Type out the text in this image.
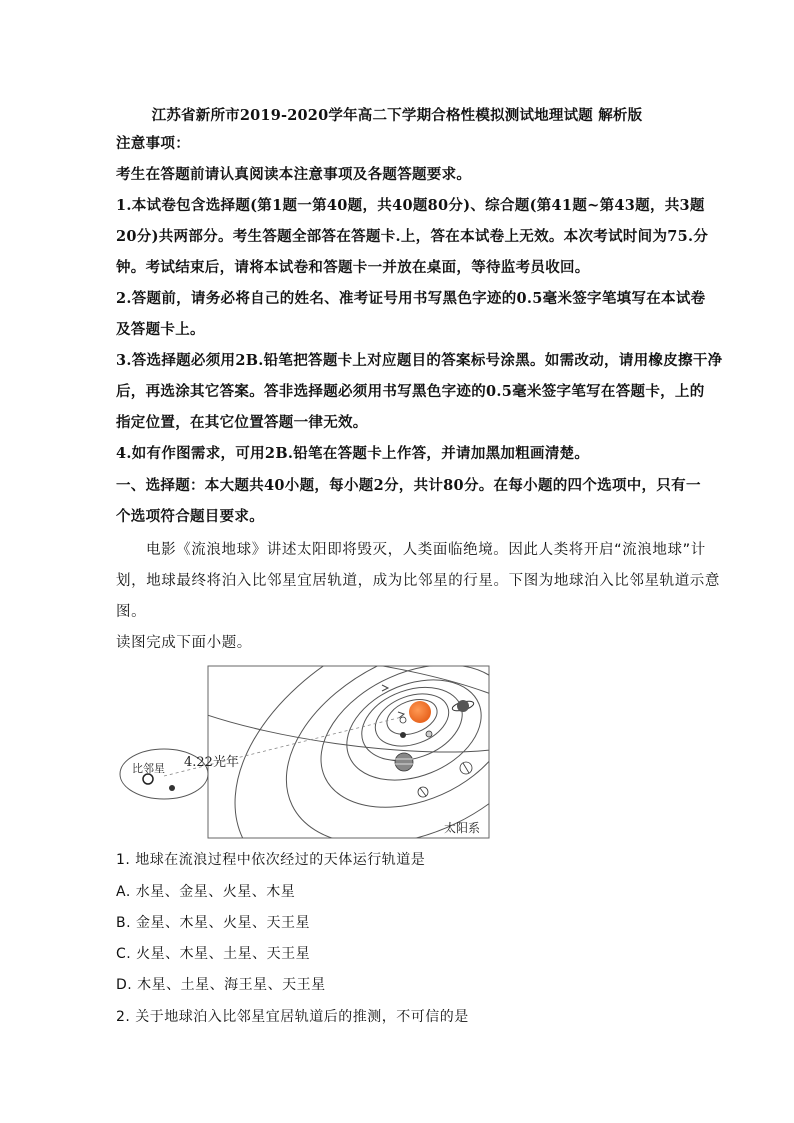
江苏省新所市2019-2020学年高二下学期合格性模拟测试地理试题 解析版
注意事项：
考生在答题前请认真阅读本注意事项及各题答题要求。
1.本试卷包含选择题(第1题一第40题，共40题80分)、综合题(第41题~第43题，共3题
20分)共两部分。考生答题全部答在答题卡.上，答在本试卷上无效。本次考试时间为75.分
钟。考试结束后，请将本试卷和答题卡一并放在桌面，等待监考员收回。
2.答题前，请务必将自己的姓名、准考证号用书写黑色字迹的0.5毫米签字笔填写在本试卷
及答题卡上。
3.答选择题必须用2B.铅笔把答题卡上对应题目的答案标号涂黑。如需改动，请用橡皮擦干净
后，再选涂其它答案。答非选择题必须用书写黑色字迹的0.5毫米签字笔写在答题卡，上的
指定位置，在其它位置答题一律无效。
4.如有作图需求，可用2B.铅笔在答题卡上作答，并请加黑加粗画清楚。
一、选择题：本大题共40小题，每小题2分，共计80分。在每小题的四个选项中，只有一
个选项符合题目要求。
电影《流浪地球》讲述太阳即将毁灭，人类面临绝境。因此人类将开启“流浪地球”计
划，地球最终将泊入比邻星宜居轨道，成为比邻星的行星。下图为地球泊入比邻星轨道示意
图。
读图完成下面小题。
比邻星 4.22光年
太阳系
1. 地球在流浪过程中依次经过的天体运行轨道是
A. 水星、金星、火星、木星
B. 金星、木星、火星、天王星
C. 火星、木星、土星、天王星
D. 木星、土星、海王星、天王星
2. 关于地球泊入比邻星宜居轨道后的推测，不可信的是
